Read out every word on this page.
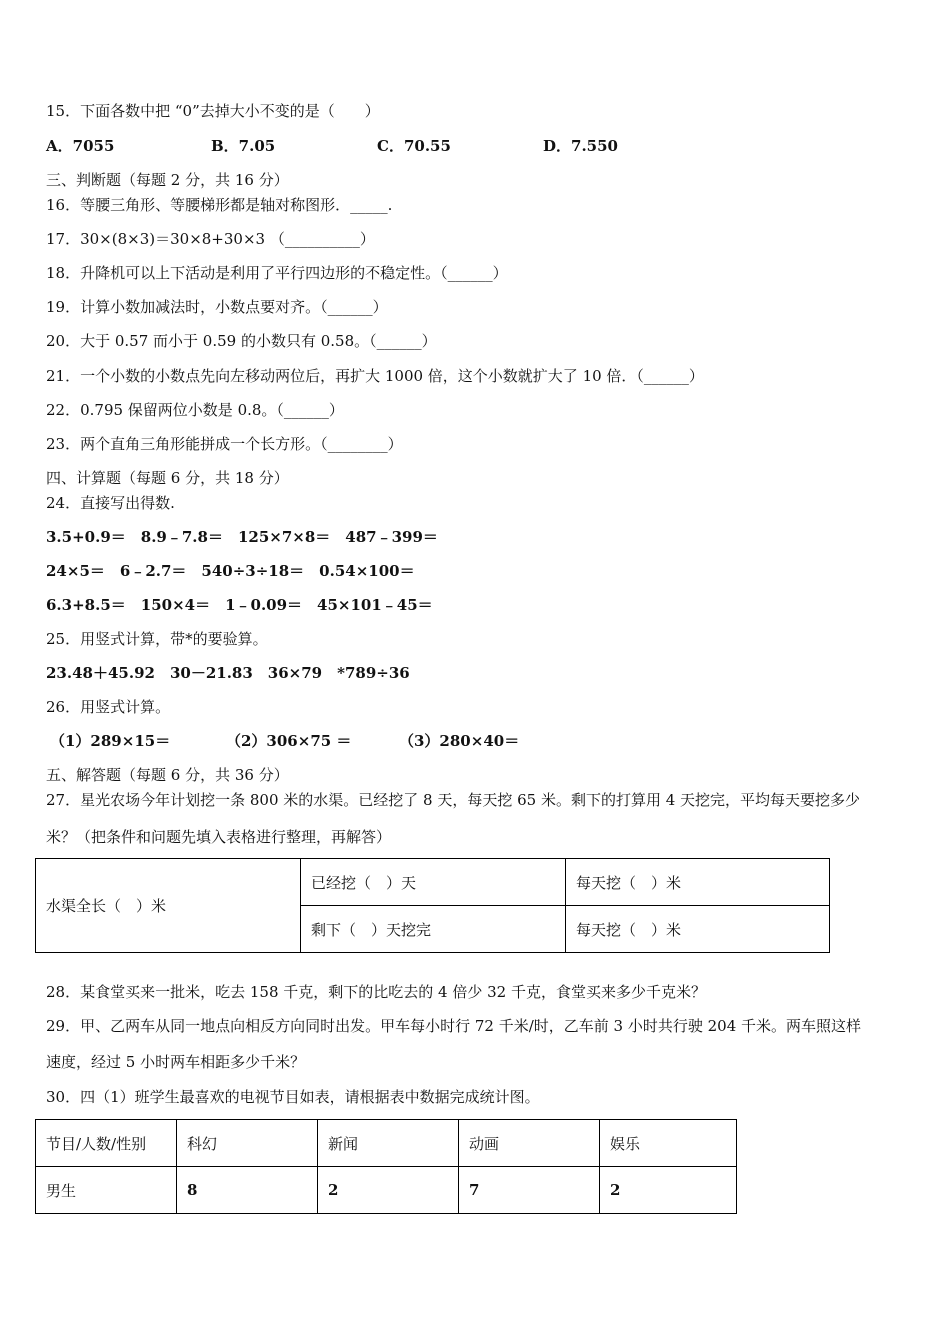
15．下面各数中把 “0”去掉大小不变的是（　　）
A．7055	B．7.05	C．70.55	D．7.550
三、判断题（每题 2 分，共 16 分）
16．等腰三角形、等腰梯形都是轴对称图形．_____.
17．30×(8×3)＝30×8+30×3 （__________）
18．升降机可以上下活动是利用了平行四边形的不稳定性。（______）
19．计算小数加减法时，小数点要对齐。（______）
20．大于 0.57 而小于 0.59 的小数只有 0.58。（______）
21．一个小数的小数点先向左移动两位后，再扩大 1000 倍，这个小数就扩大了 10 倍．（______）
22．0.795 保留两位小数是 0.8。（______）
23．两个直角三角形能拼成一个长方形。（________）
四、计算题（每题 6 分，共 18 分）
24．直接写出得数.
3.5+0.9＝　8.9﹣7.8＝　125×7×8＝　487﹣399＝
24×5＝　6﹣2.7＝　540÷3÷18＝　0.54×100＝
6.3+8.5＝　150×4＝　1﹣0.09＝　45×101﹣45＝
25．用竖式计算，带*的要验算。
23.48＋45.92　30－21.83　36×79　*789÷36
26．用竖式计算。
（1）289×15＝	（2）306×75 ＝	（3）280×40＝
五、解答题（每题 6 分，共 36 分）
27．星光农场今年计划挖一条 800 米的水渠。已经挖了 8 天，每天挖 65 米。剩下的打算用 4 天挖完，平均每天要挖多少
米？（把条件和问题先填入表格进行整理，再解答）
水渠全长（　）米	已经挖（　）天	每天挖（　）米
	剩下（　）天挖完	每天挖（　）米
28．某食堂买来一批米，吃去 158 千克，剩下的比吃去的 4 倍少 32 千克，食堂买来多少千克米？
29．甲、乙两车从同一地点向相反方向同时出发。甲车每小时行 72 千米/时，乙车前 3 小时共行驶 204 千米。两车照这样
速度，经过 5 小时两车相距多少千米？
30．四（1）班学生最喜欢的电视节目如表，请根据表中数据完成统计图。
节目/人数/性别	科幻	新闻	动画	娱乐
男生	8	2	7	2
